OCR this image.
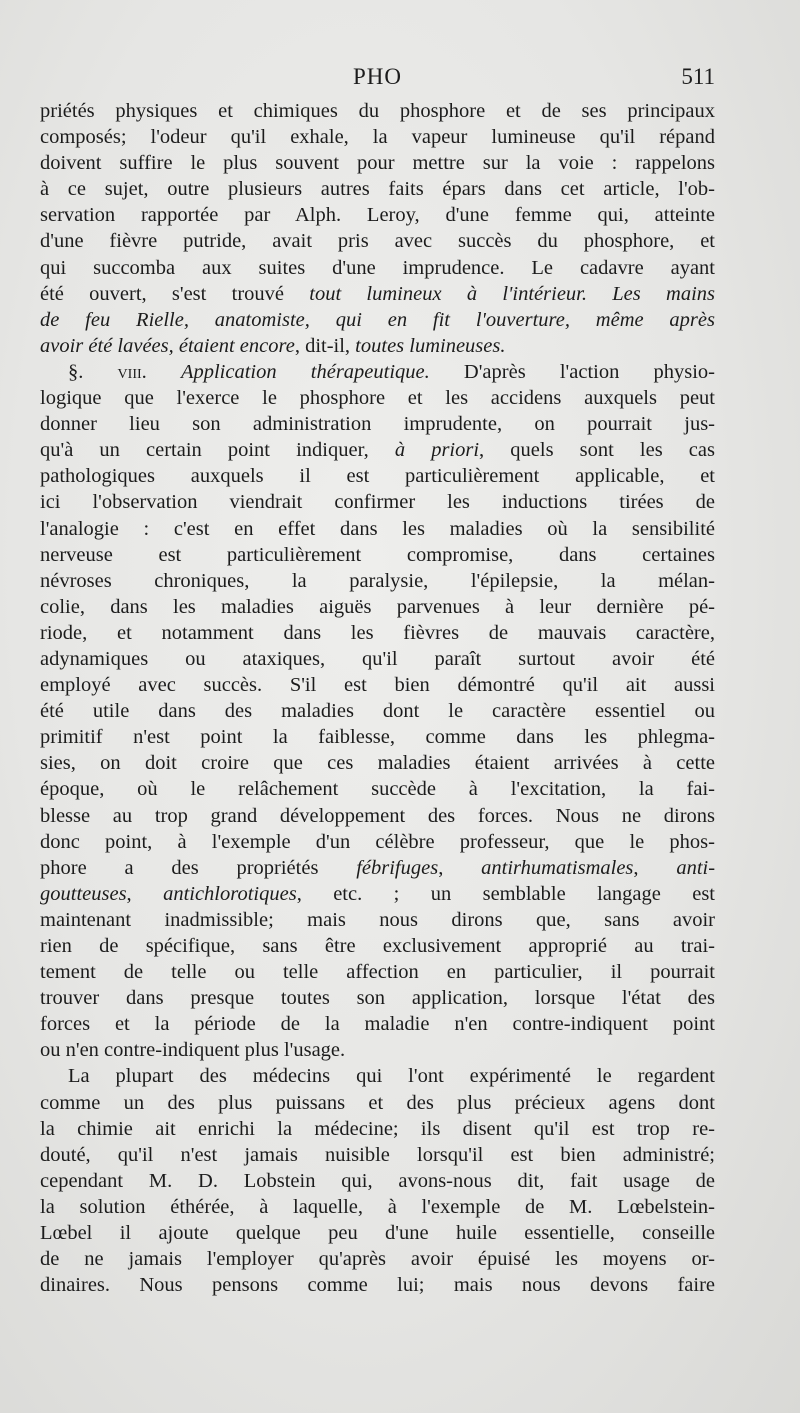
PHO	511
priétés physiques et chimiques du phosphore et de ses principaux
composés; l'odeur qu'il exhale, la vapeur lumineuse qu'il répand
doivent suffire le plus souvent pour mettre sur la voie : rappelons
à ce sujet, outre plusieurs autres faits épars dans cet article, l'ob-
servation rapportée par Alph. Leroy, d'une femme qui, atteinte
d'une fièvre putride, avait pris avec succès du phosphore, et
qui succomba aux suites d'une imprudence. Le cadavre ayant
été ouvert, s'est trouvé tout lumineux à l'intérieur. Les mains
de feu Rielle, anatomiste, qui en fit l'ouverture, même après
avoir été lavées, étaient encore, dit-il, toutes lumineuses.
§. viii. Application thérapeutique. D'après l'action physio-
logique que l'exerce le phosphore et les accidens auxquels peut
donner lieu son administration imprudente, on pourrait jus-
qu'à un certain point indiquer, à priori, quels sont les cas
pathologiques auxquels il est particulièrement applicable, et
ici l'observation viendrait confirmer les inductions tirées de
l'analogie : c'est en effet dans les maladies où la sensibilité
nerveuse est particulièrement compromise, dans certaines
névroses chroniques, la paralysie, l'épilepsie, la mélan-
colie, dans les maladies aiguës parvenues à leur dernière pé-
riode, et notamment dans les fièvres de mauvais caractère,
adynamiques ou ataxiques, qu'il paraît surtout avoir été
employé avec succès. S'il est bien démontré qu'il ait aussi
été utile dans des maladies dont le caractère essentiel ou
primitif n'est point la faiblesse, comme dans les phlegma-
sies, on doit croire que ces maladies étaient arrivées à cette
époque, où le relâchement succède à l'excitation, la fai-
blesse au trop grand développement des forces. Nous ne dirons
donc point, à l'exemple d'un célèbre professeur, que le phos-
phore a des propriétés fébrifuges, antirhumatismales, anti-
goutteuses, antichlorotiques, etc. ; un semblable langage est
maintenant inadmissible; mais nous dirons que, sans avoir
rien de spécifique, sans être exclusivement approprié au trai-
tement de telle ou telle affection en particulier, il pourrait
trouver dans presque toutes son application, lorsque l'état des
forces et la période de la maladie n'en contre-indiquent point
ou n'en contre-indiquent plus l'usage.
La plupart des médecins qui l'ont expérimenté le regardent
comme un des plus puissans et des plus précieux agens dont
la chimie ait enrichi la médecine; ils disent qu'il est trop re-
douté, qu'il n'est jamais nuisible lorsqu'il est bien administré;
cependant M. D. Lobstein qui, avons-nous dit, fait usage de
la solution éthérée, à laquelle, à l'exemple de M. Lœbelstein-
Lœbel il ajoute quelque peu d'une huile essentielle, conseille
de ne jamais l'employer qu'après avoir épuisé les moyens or-
dinaires. Nous pensons comme lui; mais nous devons faire
